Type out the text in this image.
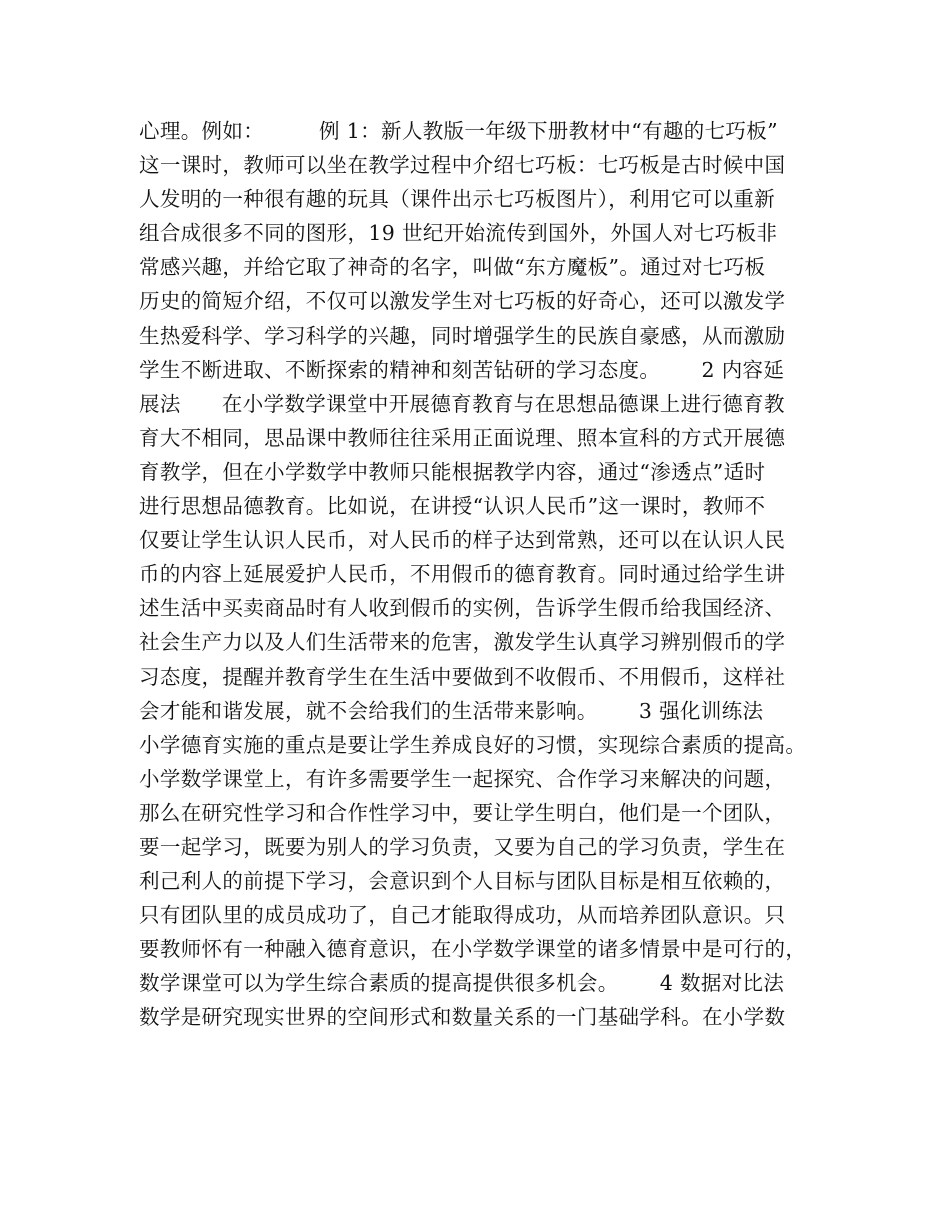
心理。例如：        例 1：新人教版一年级下册教材中“有趣的七巧板”
这一课时，教师可以坐在教学过程中介绍七巧板：七巧板是古时候中国
人发明的一种很有趣的玩具（课件出示七巧板图片），利用它可以重新
组合成很多不同的图形，19 世纪开始流传到国外，外国人对七巧板非
常感兴趣，并给它取了神奇的名字，叫做“东方魔板”。通过对七巧板
历史的简短介绍，不仅可以激发学生对七巧板的好奇心，还可以激发学
生热爱科学、学习科学的兴趣，同时增强学生的民族自豪感，从而激励
学生不断进取、不断探索的精神和刻苦钻研的学习态度。      2 内容延
展法      在小学数学课堂中开展德育教育与在思想品德课上进行德育教
育大不相同，思品课中教师往往采用正面说理、照本宣科的方式开展德
育教学，但在小学数学中教师只能根据教学内容，通过“渗透点”适时
进行思想品德教育。比如说，在讲授“认识人民币”这一课时，教师不
仅要让学生认识人民币，对人民币的样子达到常熟，还可以在认识人民
币的内容上延展爱护人民币，不用假币的德育教育。同时通过给学生讲
述生活中买卖商品时有人收到假币的实例，告诉学生假币给我国经济、
社会生产力以及人们生活带来的危害，激发学生认真学习辨别假币的学
习态度，提醒并教育学生在生活中要做到不收假币、不用假币，这样社
会才能和谐发展，就不会给我们的生活带来影响。      3 强化训练法
小学德育实施的重点是要让学生养成良好的习惯，实现综合素质的提高。
小学数学课堂上，有许多需要学生一起探究、合作学习来解决的问题，
那么在研究性学习和合作性学习中，要让学生明白，他们是一个团队，
要一起学习，既要为别人的学习负责，又要为自己的学习负责，学生在
利己利人的前提下学习，会意识到个人目标与团队目标是相互依赖的，
只有团队里的成员成功了，自己才能取得成功，从而培养团队意识。只
要教师怀有一种融入德育意识，在小学数学课堂的诸多情景中是可行的，
数学课堂可以为学生综合素质的提高提供很多机会。      4 数据对比法
数学是研究现实世界的空间形式和数量关系的一门基础学科。在小学数
